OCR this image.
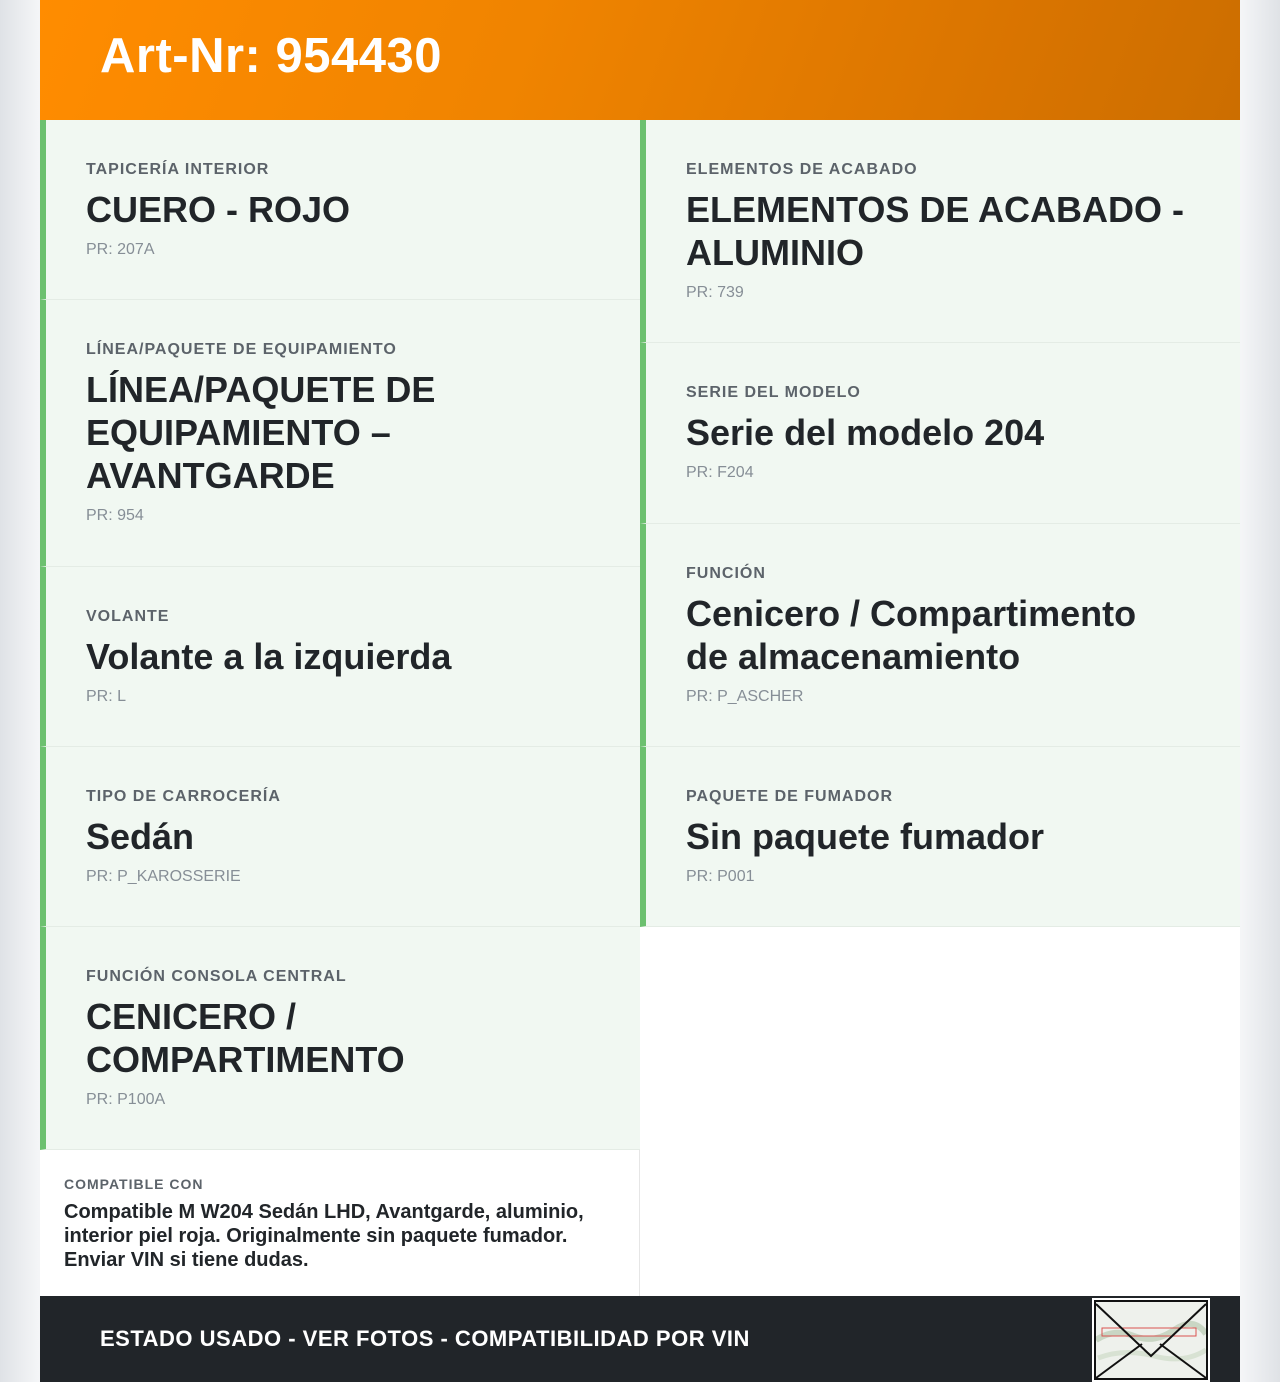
Art-Nr: 954430
TAPICERÍA INTERIOR
CUERO - ROJO
PR: 207A
LÍNEA/PAQUETE DE EQUIPAMIENTO
LÍNEA/PAQUETE DE EQUIPAMIENTO – AVANTGARDE
PR: 954
VOLANTE
Volante a la izquierda
PR: L
TIPO DE CARROCERÍA
Sedán
PR: P_KAROSSERIE
FUNCIÓN CONSOLA CENTRAL
CENICERO / COMPARTIMENTO
PR: P100A
ELEMENTOS DE ACABADO
ELEMENTOS DE ACABADO - ALUMINIO
PR: 739
SERIE DEL MODELO
Serie del modelo 204
PR: F204
FUNCIÓN
Cenicero / Compartimento de almacenamiento
PR: P_ASCHER
PAQUETE DE FUMADOR
Sin paquete fumador
PR: P001
COMPATIBLE CON
Compatible M W204 Sedán LHD, Avantgarde, aluminio, interior piel roja. Originalmente sin paquete fumador. Enviar VIN si tiene dudas.
ESTADO USADO - VER FOTOS - COMPATIBILIDAD POR VIN
